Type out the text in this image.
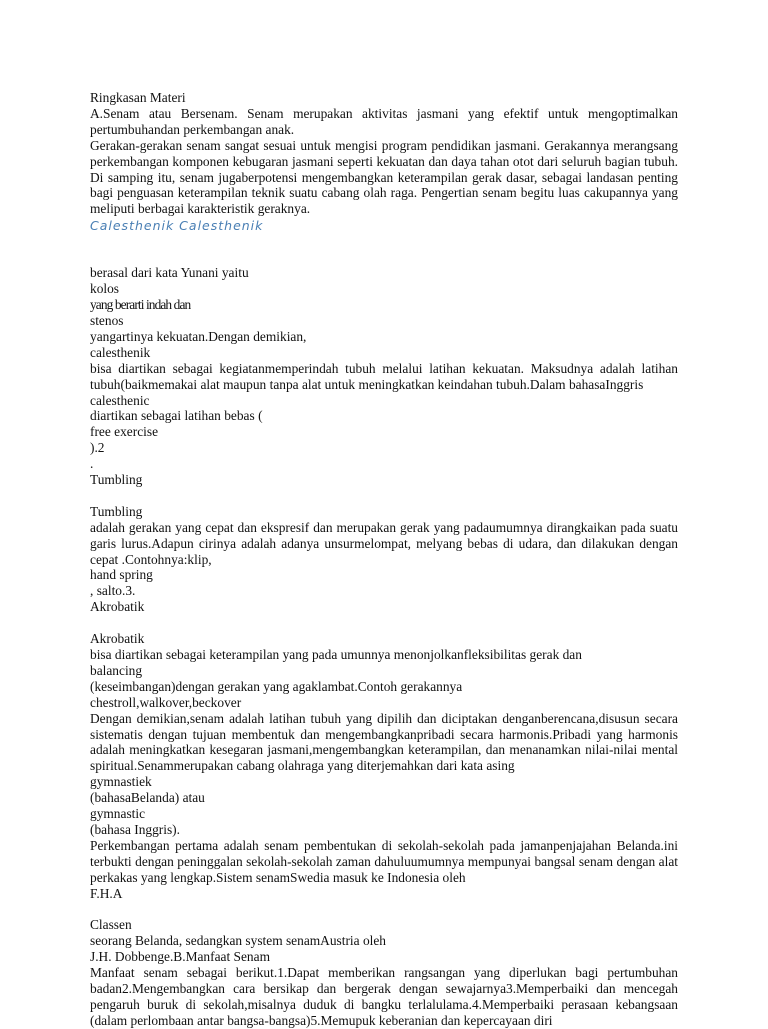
Ringkasan Materi
A.Senam atau Bersenam. Senam merupakan aktivitas jasmani yang efektif untuk mengoptimalkan pertumbuhandan perkembangan anak.
Gerakan-gerakan senam sangat sesuai untuk mengisi program pendidikan jasmani. Gerakannya merangsang perkembangan komponen kebugaran jasmani seperti kekuatan dan daya tahan otot dari seluruh bagian tubuh. Di samping itu, senam jugaberpotensi mengembangkan keterampilan gerak dasar, sebagai landasan penting bagi penguasan keterampilan teknik suatu cabang olah raga. Pengertian senam begitu luas cakupannya yang meliputi berbagai karakteristik geraknya.
Calesthenik Calesthenik
berasal dari kata Yunani yaitu
kolos
yang berarti indah dan
stenos
yangartinya kekuatan.Dengan demikian,
calesthenik
bisa diartikan sebagai kegiatanmemperindah tubuh melalui latihan kekuatan. Maksudnya adalah latihan tubuh(baikmemakai alat maupun tanpa alat untuk meningkatkan keindahan tubuh.Dalam bahasaInggris
calesthenic
diartikan sebagai latihan bebas (
free exercise
).2
.
Tumbling
Tumbling
adalah gerakan yang cepat dan ekspresif dan merupakan gerak yang padaumumnya dirangkaikan pada suatu garis lurus.Adapun cirinya adalah adanya unsurmelompat, melyang bebas di udara, dan dilakukan dengan cepat .Contohnya:klip,
hand spring
, salto.3.
Akrobatik
Akrobatik
bisa diartikan sebagai keterampilan yang pada umunnya menonjolkanfleksibilitas gerak dan
balancing
(keseimbangan)dengan gerakan yang agaklambat.Contoh gerakannya
chestroll,walkover,beckover
Dengan demikian,senam adalah latihan tubuh yang dipilih dan diciptakan denganberencana,disusun secara sistematis dengan tujuan membentuk dan mengembangkanpribadi secara harmonis.Pribadi yang harmonis adalah meningkatkan kesegaran jasmani,mengembangkan keterampilan, dan menanamkan nilai-nilai mental spiritual.Senammerupakan cabang olahraga yang diterjemahkan dari kata asing
gymnastiek
(bahasaBelanda) atau
gymnastic
(bahasa Inggris).
Perkembangan pertama adalah senam pembentukan di sekolah-sekolah pada jamanpenjajahan Belanda.ini terbukti dengan peninggalan sekolah-sekolah zaman dahuluumumnya mempunyai bangsal senam dengan alat perkakas yang lengkap.Sistem senamSwedia masuk ke Indonesia oleh
F.H.A
Classen
seorang Belanda, sedangkan system senamAustria oleh
J.H. Dobbenge.B.Manfaat Senam
Manfaat senam sebagai berikut.1.Dapat memberikan rangsangan yang diperlukan bagi pertumbuhan badan2.Mengembangkan cara bersikap dan bergerak dengan sewajarnya3.Memperbaiki dan mencegah pengaruh buruk di sekolah,misalnya duduk di bangku terlalulama.4.Memperbaiki perasaan kebangsaan (dalam perlombaan antar bangsa-bangsa)5.Memupuk keberanian dan kepercayaan diri
